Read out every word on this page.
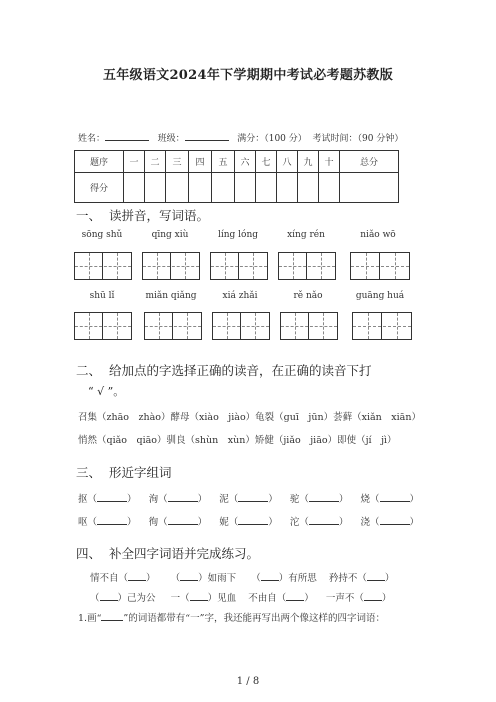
五年级语文2024年下学期期中考试必考题苏教版
姓名：	班级：	满分：（100 分） 考试时间：（90 分钟）
题序	一	二	三	四	五	六	七	八	九	十	总分
得分											
一、 读拼音，写词语。
sōng shǔ	qīng xiù	líng lóng	xíng rén	niǎo wō
shū lǐ	miǎn qiǎng	xiá zhǎi	rě nǎo	guāng huá
二、 给加点的字选择正确的读音，在正确的读音下打
“ √ ”。
召集（zhāo　zhào）酵母（xiào　jiào）龟裂（guī　jūn）荟藓（xiǎn　xiān）
悄然（qiǎo　qiāo）驯良（shùn　xùn）矫健（jiǎo　jiāo）即使（jí　jì）
三、 形近字组词
抠（	）    洵（	）    泥（	）    驼（	）    烧（	）
呕（	）    徇（	）    妮（	）    沱（	）    浇（	）
四、 补全四字词语并完成练习。
情不自（ ） （ ）如雨下 （ ）有所思 矜持不（ ）
（ ）己为公 一（ ）见血 不由自（ ） 一声不（ ）
1.画“ ”的词语都带有“一”字，我还能再写出两个像这样的四字词语：
1 / 8
